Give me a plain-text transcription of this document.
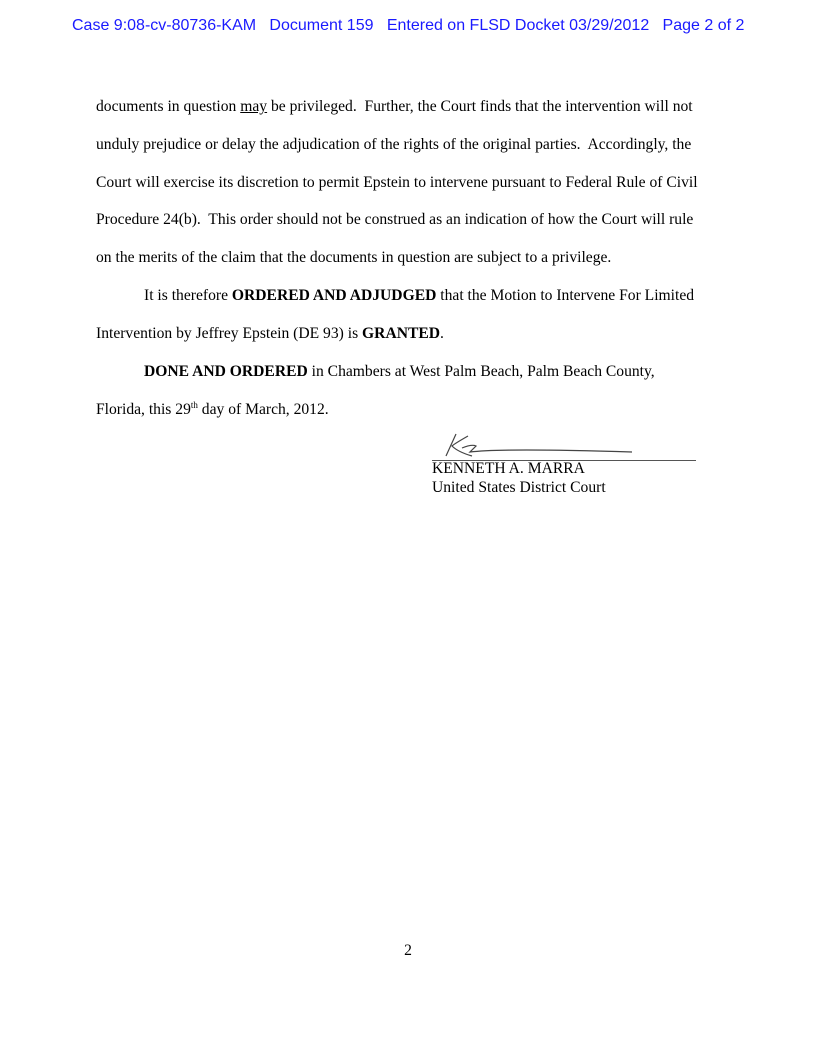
Case 9:08-cv-80736-KAM   Document 159   Entered on FLSD Docket 03/29/2012   Page 2 of 2
documents in question may be privileged.  Further, the Court finds that the intervention will not
unduly prejudice or delay the adjudication of the rights of the original parties.  Accordingly, the
Court will exercise its discretion to permit Epstein to intervene pursuant to Federal Rule of Civil
Procedure 24(b).  This order should not be construed as an indication of how the Court will rule
on the merits of the claim that the documents in question are subject to a privilege.
It is therefore ORDERED AND ADJUDGED that the Motion to Intervene For Limited
Intervention by Jeffrey Epstein (DE 93) is GRANTED.
DONE AND ORDERED in Chambers at West Palm Beach, Palm Beach County,
Florida, this 29th day of March, 2012.
KENNETH A. MARRA
United States District Court
2
